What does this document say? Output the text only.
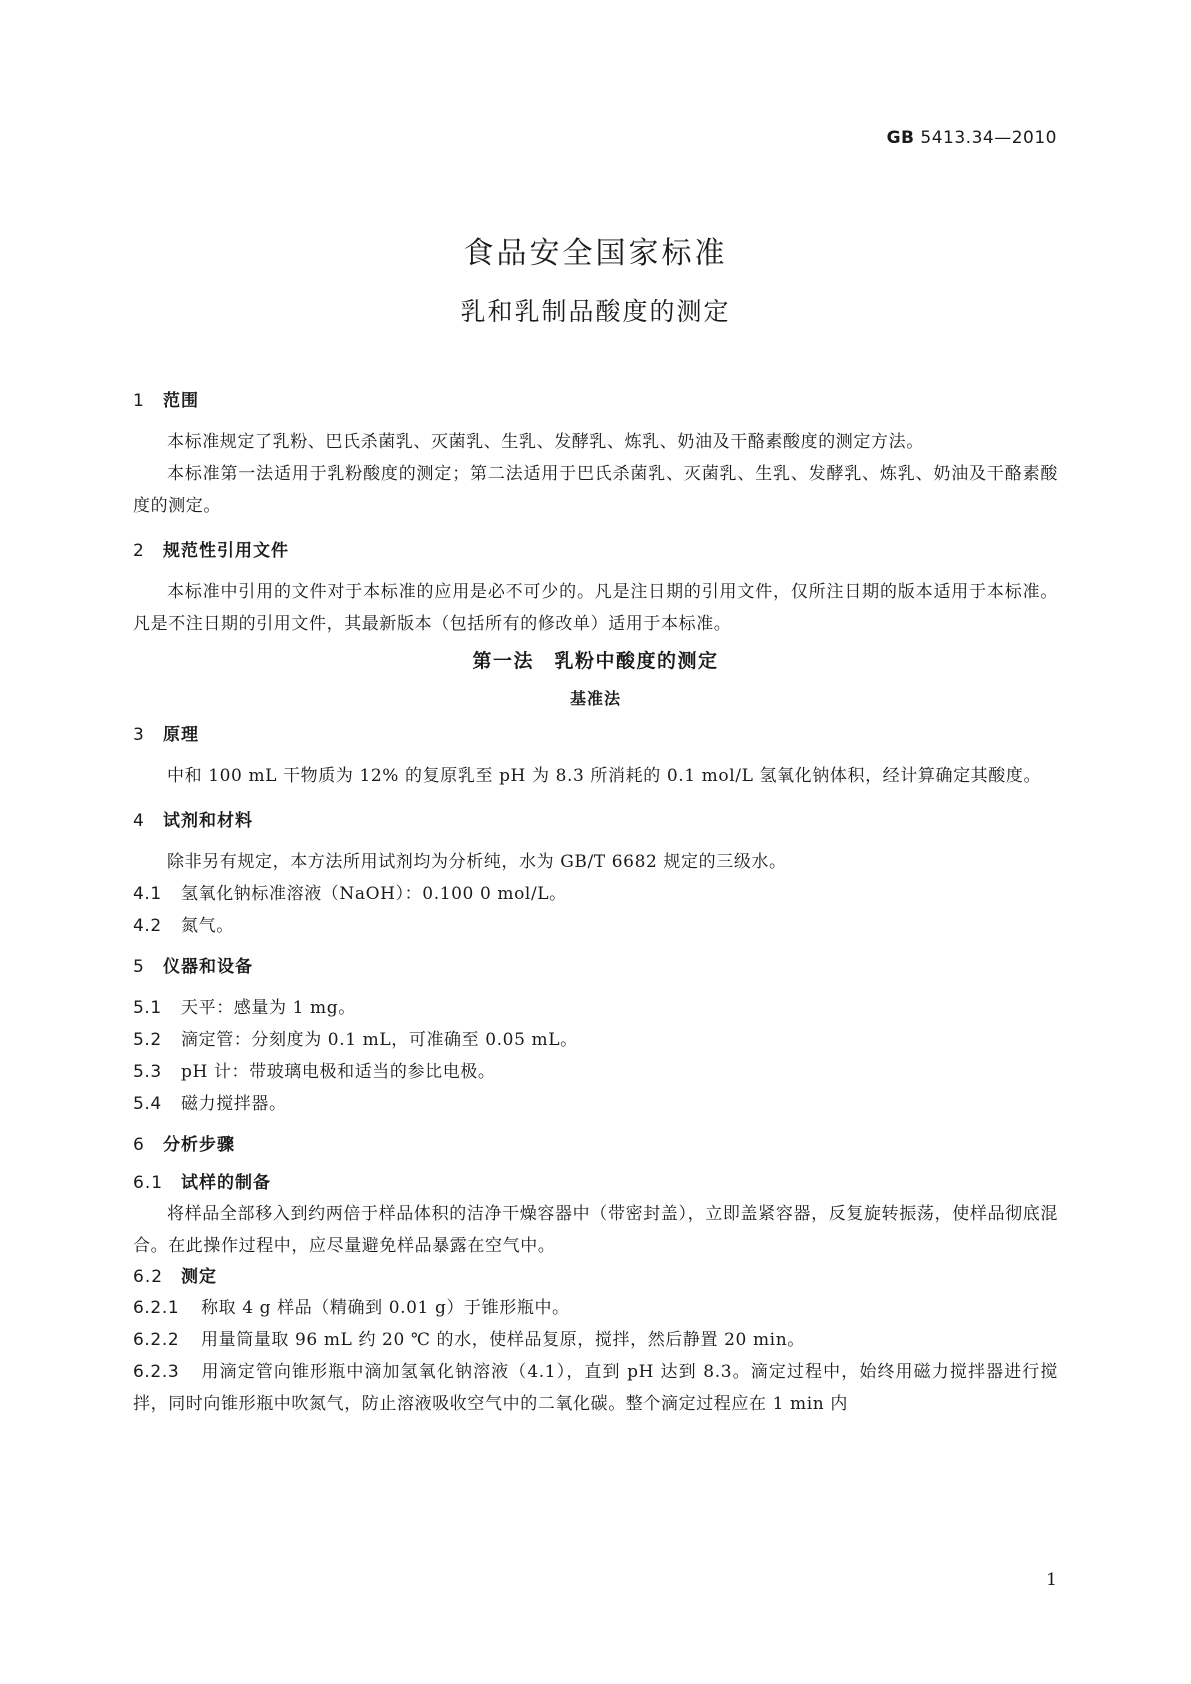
GB 5413.34—2010
食品安全国家标准
乳和乳制品酸度的测定
1 范围
本标准规定了乳粉、巴氏杀菌乳、灭菌乳、生乳、发酵乳、炼乳、奶油及干酪素酸度的测定方法。
本标准第一法适用于乳粉酸度的测定；第二法适用于巴氏杀菌乳、灭菌乳、生乳、发酵乳、炼乳、奶油及干酪素酸度的测定。
2 规范性引用文件
本标准中引用的文件对于本标准的应用是必不可少的。凡是注日期的引用文件，仅所注日期的版本适用于本标准。凡是不注日期的引用文件，其最新版本（包括所有的修改单）适用于本标准。
第一法　乳粉中酸度的测定
基准法
3 原理
中和 100 mL 干物质为 12% 的复原乳至 pH 为 8.3 所消耗的 0.1 mol/L 氢氧化钠体积，经计算确定其酸度。
4 试剂和材料
除非另有规定，本方法所用试剂均为分析纯，水为 GB/T 6682 规定的三级水。
4.1 氢氧化钠标准溶液（NaOH）：0.100 0 mol/L。
4.2 氮气。
5 仪器和设备
5.1 天平：感量为 1 mg。
5.2 滴定管：分刻度为 0.1 mL，可准确至 0.05 mL。
5.3 pH 计：带玻璃电极和适当的参比电极。
5.4 磁力搅拌器。
6 分析步骤
6.1 试样的制备
将样品全部移入到约两倍于样品体积的洁净干燥容器中（带密封盖），立即盖紧容器，反复旋转振荡，使样品彻底混合。在此操作过程中，应尽量避免样品暴露在空气中。
6.2 测定
6.2.1 称取 4 g 样品（精确到 0.01 g）于锥形瓶中。
6.2.2 用量筒量取 96 mL 约 20 ℃ 的水，使样品复原，搅拌，然后静置 20 min。
6.2.3 用滴定管向锥形瓶中滴加氢氧化钠溶液（4.1），直到 pH 达到 8.3。滴定过程中，始终用磁力搅拌器进行搅拌，同时向锥形瓶中吹氮气，防止溶液吸收空气中的二氧化碳。整个滴定过程应在 1 min 内
1
